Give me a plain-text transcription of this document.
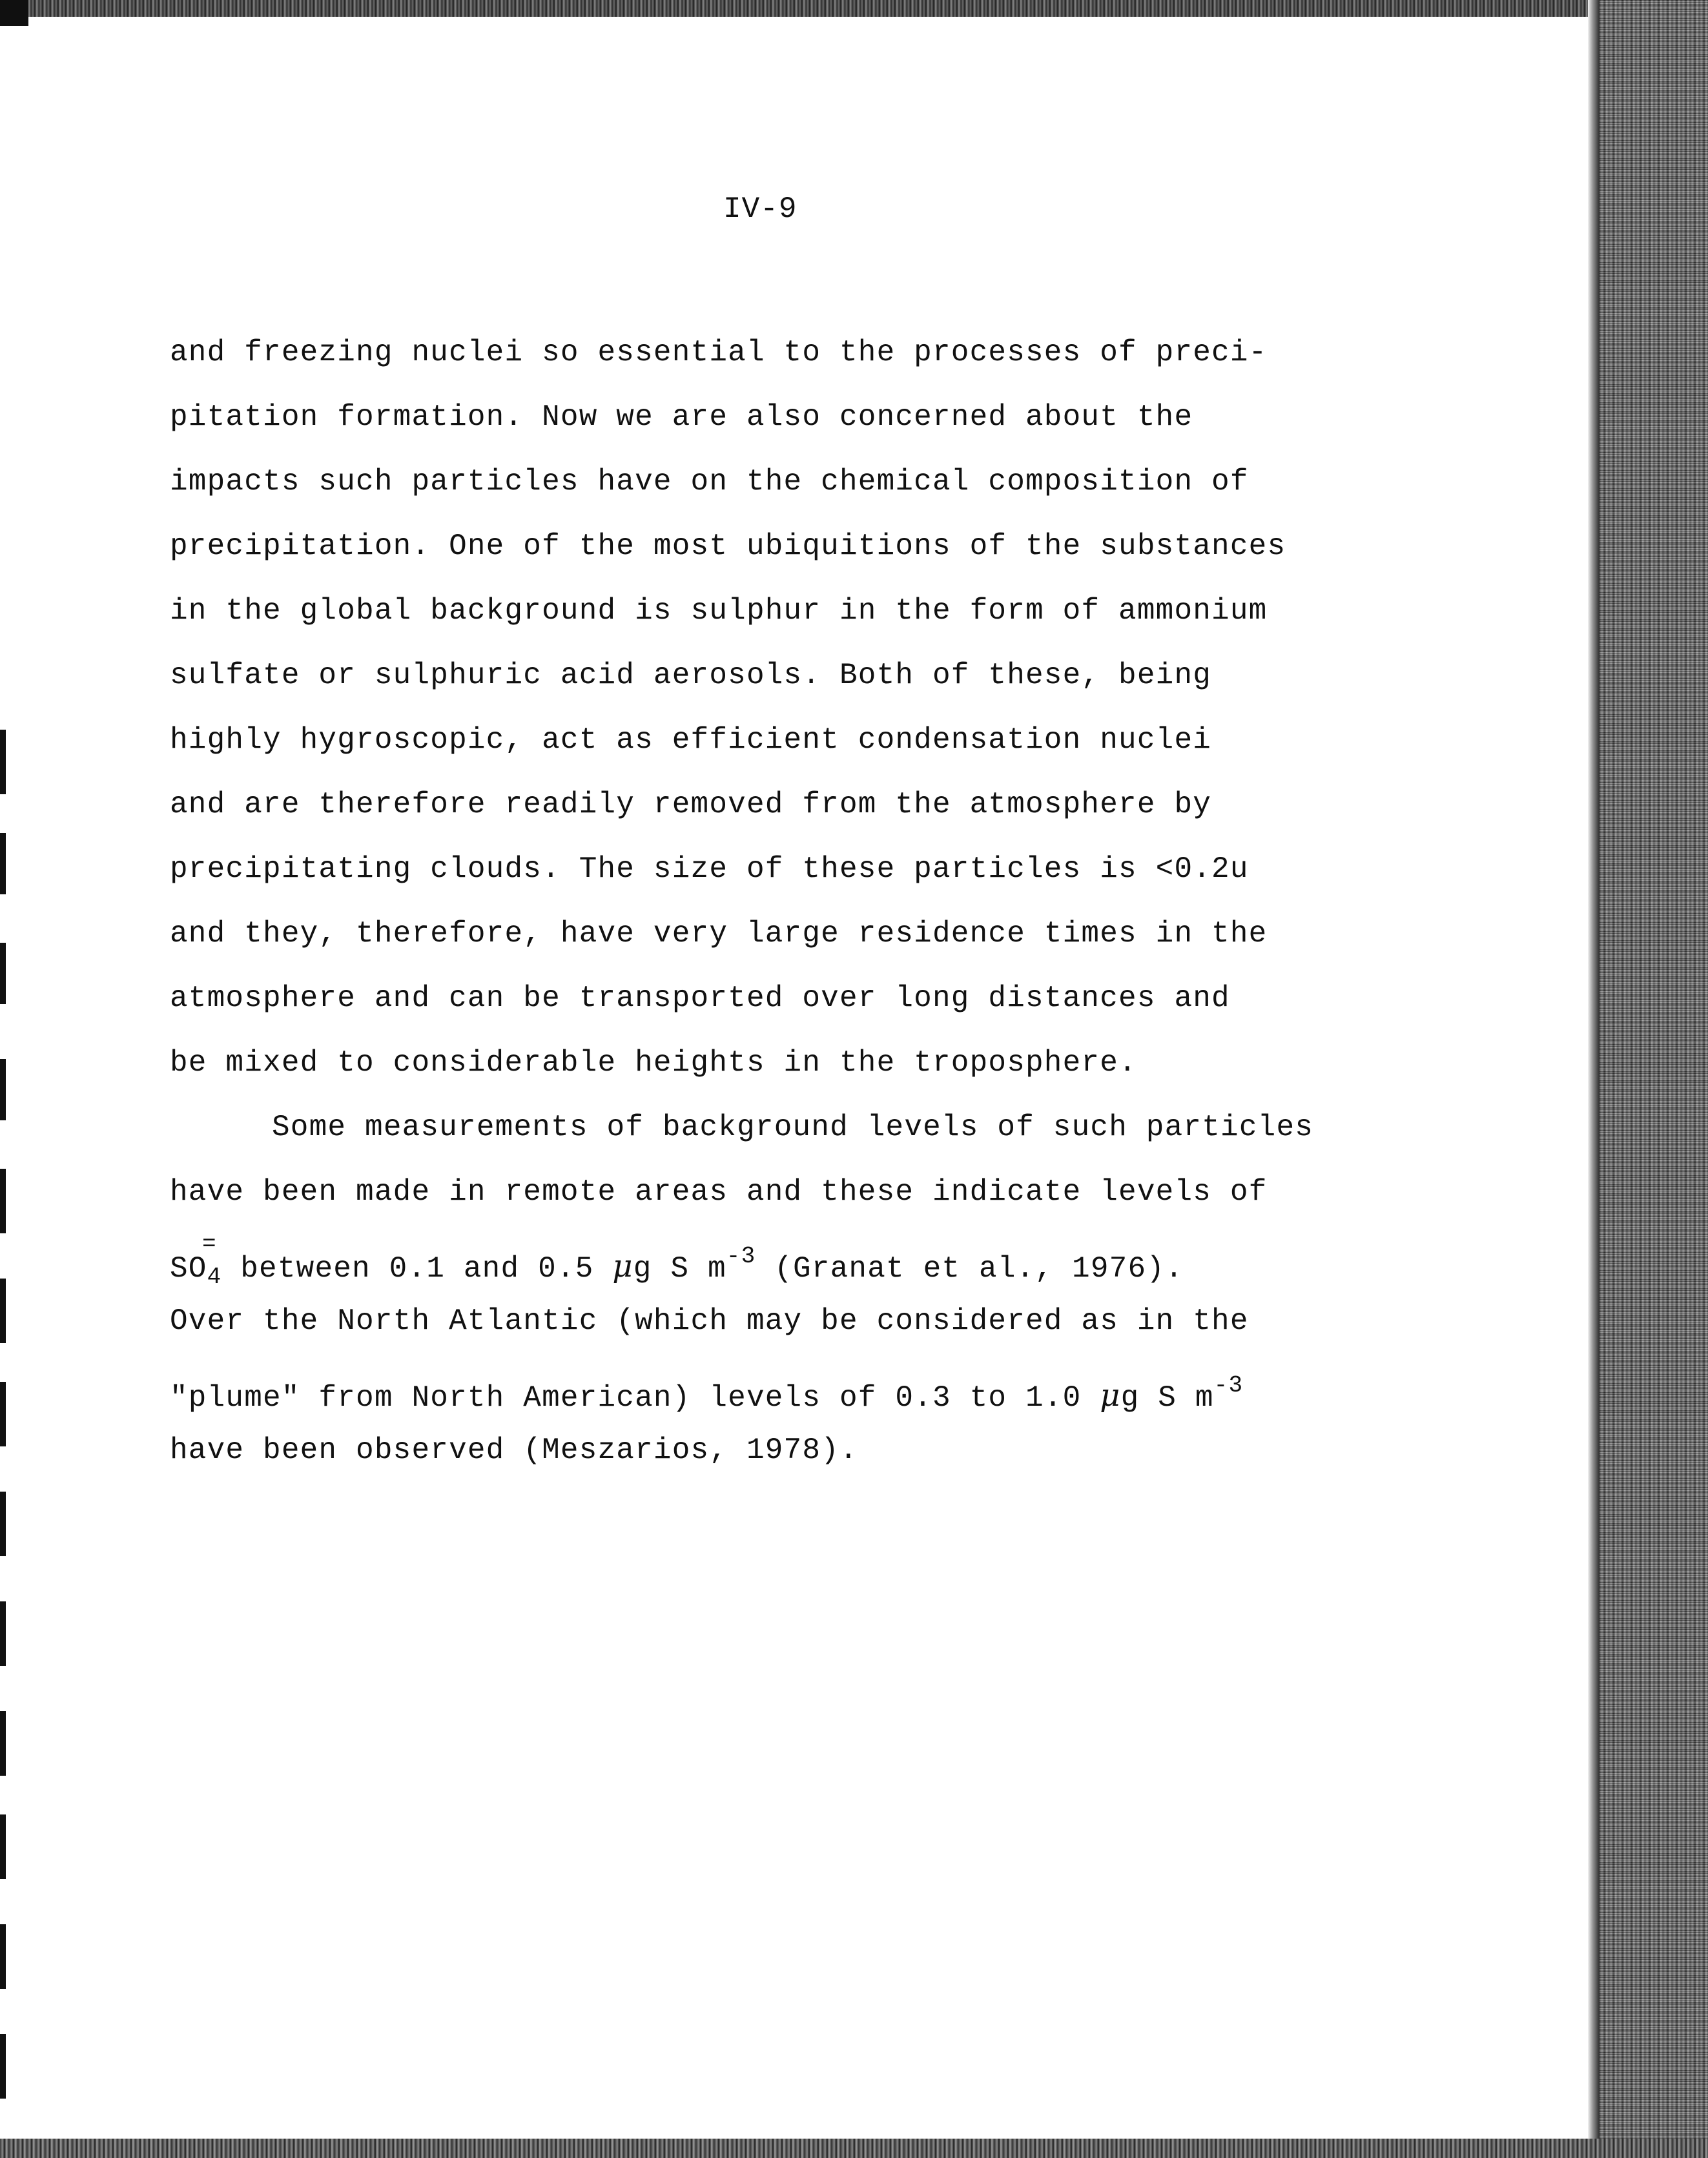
IV-9
and freezing nuclei so essential to the processes of preci-
pitation formation. Now we are also concerned about the
impacts such particles have on the chemical composition of
precipitation. One of the most ubiquitions of the substances
in the global background is sulphur in the form of ammonium
sulfate or sulphuric acid aerosols. Both of these, being
highly hygroscopic, act as efficient condensation nuclei
and are therefore readily removed from the atmosphere by
precipitating clouds. The size of these particles is <0.2u
and they, therefore, have very large residence times in the
atmosphere and can be transported over long distances and
be mixed to considerable heights in the troposphere.
Some measurements of background levels of such particles
have been made in remote areas and these indicate levels of
$SO_4$
=
between 0.1 and 0.5 μg S $m^{-3}$ (Granat et al., 1976).
Over the North Atlantic (which may be considered as in the
"plume" from North American) levels of 0.3 to 1.0 μg S $m^{-3}$
have been observed (Meszarios, 1978).
